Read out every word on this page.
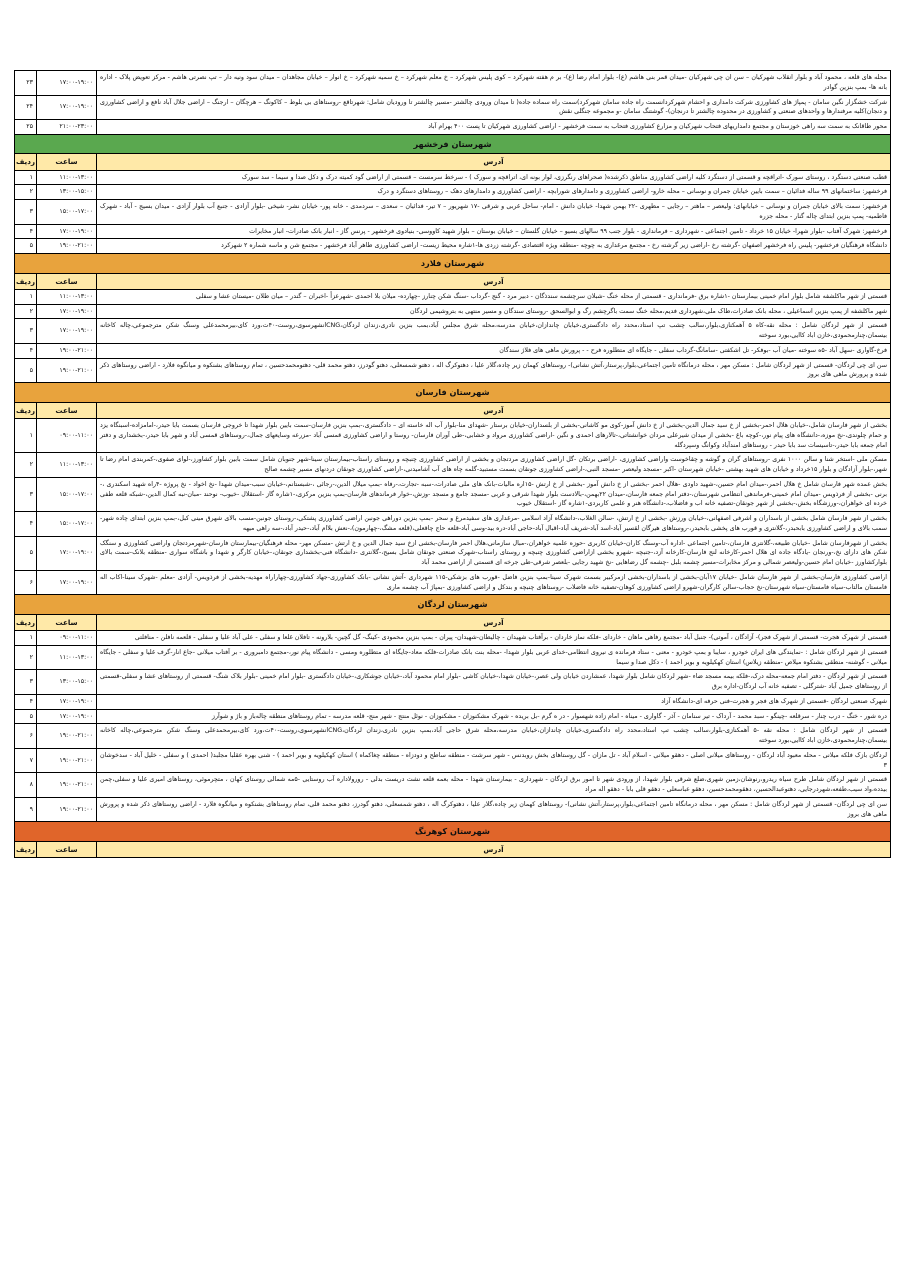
محله های قلعه ، محمود آباد و بلوار انقلاب شهرکیان – سن ان چی شهرکیان -میدان قمر بنی هاشم (ع)- بلوار امام رضا (ع)- بر م هفته شهرکرد – کوی پلیس شهرکرد – خ معلم شهرکرد – خ سمیه شهرکرد – خ انوار – خیابان مجاهدان – میدان سود ونیه دار – تپ نصرتی هاشم - مرکز تعویض پلاک - اداره بانه ها- بمپ بنزین گوادر	۱۷:۰۰-۱۹:۰۰	۲۳
شرکت خشگزار نگین سامان - پمپاژ های کشاورزی شرکت دامداری و احشام شهرکردانسمت راه جاده سامان شهرکرد)سمت راه سماده جاده( تا میدان ورودی چالشتر -مسیر چالشتر تا ورودیان شامل: شهرتاقع -روستاهای بی بلوط – کاکونگ – هرچگان – ارجنگ – اراضی جلال آباد نافع و اراضی کشاورزی و دنجان)کلیه مرفندارها و واحدهای صنعتی و کشاورزی در محدوده چالشتر تا درنجان)- گوشتنگ سامان -و مجموعه جنگلی نقش	۱۷:۰۰-۱۹:۰۰	۲۴
محور طاقانک به سمت سه راهی خوزستان و مجتمع دامداریهای فتحاب شهرکیان و مزارع کشاورزی فتحاب به سمت فرخشهر - اراضی کشاورزی شهرکیان تا پست ۴۰۰ بهرام آباد	۲۱:۰۰-۲۳:۰۰	۲۵
شهرستان فرخشهر		
آدرس	ساعت	ردیف
قطب صنعتی دستگرد ، روستای سورک -اتراقچه و قسمتی از دستگرد کلیه اراضی کشاورزی مناطق ذکرشده( صحراهای رنگرزی، لوار بونه ای، اتراقچه و سورک ) - سرخط سرمست – قسمتی از اراضی گود کمیته درک و دکل صدا و سیما - سد سورک	۱۱:۰۰-۱۳:۰۰	۱
فرخشهر: ساختمانهای ۹۹ ساله فدائیان – سمت بایین خیابان جمران و نوسانی – محله خارو- اراضی کشاورزی و دامدارهای شورابچه - اراضی کشاورزی و دامدارهای دهک – روستاهای دستگرد و درک	۱۳:۰۰-۱۵:۰۰	۲
فرخشهر: سمت بالای خیابان جمران و نوسانی – خیابانهای: ولیعصر – ماهتر – رجایی – مطهری -۲۲ بهمن شهدا- خیابان دانش - امام- ساحل غربی و شرقی -۱۷ شهریور – ۷ تیر- فدائیان – سعدی – سردمدی - خانه پور- خیابان نشر- شیخی -بلوار آزادی - جنبع آب بلوار آزادی - میدان بسیج - آباد - شهرک فاطمیه- پمپ بنزین ابتدای چاله گنار - محله جزره	۱۵:۰۰-۱۷:۰۰	۳
فرخشهر: شهرک آفتاب -بلوار شهرا- خیابان ۱۵ خرداد - تامین اجتماعی - شهرداری – فرمانداری - بلوار جنب ۹۹ سالهای بسیو – خیابان گلستان – خیابان بوستان – بلوار شهید کاووسی- بنیادوی فرخشهر - پرنس گاز - انبار بانک صادرات- انبار مخابرات	۱۷:۰۰-۱۹:۰۰	۴
دانشگاه فرهنگیان فرخشهر- پلیس راه فرخشهر اصفهان -گرشته رخ -اراضی زیر گرشته رخ - مجتمع مرغداری به چوچه -منطقه ویژه اقتصادی -گرشته زردی ها-۱شاره محیط زیست- اراضی کشاورزی طاهر آباد فرخشهر - مجتمع شن و ماسه شماره ۲ شهرکرد	۱۹:۰۰-۲۱:۰۰	۵
شهرستان فلارد		
آدرس	ساعت	ردیف
قسمتی از شهر ماکلشفه شامل بلوار امام خمینی بیمارستان -۱شاره برق -فرمانداری - قسمتی از محله خنگ -شبلان سرچشمه سندذگان - دبیر مرد - گنج -گرداب -سنگ شکن چنارز -چهارده- میلان بلا احمدی -شهرعزاً -اخبران – گندر – میان طلان -میستان عشا و سفلی	۱۱:۰۰-۱۳:۰۰	۱
شهر ماکلشفه از پمپ بنزین اسماعیلی ، محله بانک صادرات،طاک ملی،شهرداری فدیم،محله خنگ سمت باگرچشم رگ و ابوالسحق -روستای سندگان و مسیر منتهی به بتروشیمی لردگان	۱۷:۰۰-۱۹:۰۰	۲
قسمتی از شهر لردگان شامل : محله نقه-کاه ۵ آهمکنازی،بلوار،سالب چشب تپ استاد،محدد راه دادگستری،خیابان چاندازان،خیابان مدرسه،محله شرق مجلس آباد،بمب بنزین نادری،زندان لردگان،CNGانشهرسوی،روست-۴۰ت،ورد کای،بیرمحمدعلی وسنگ شکن مترجموعی،چاله کاخانه بیسمان،چنارمحمودی،خازن اباد کاایی،بورد سوخته	۱۷:۰۰-۱۹:۰۰	۳
فرخ-گاواری -سهل آباد -۵ه سوخته -میان آب -بوفکر- تل اشکفتی -سامانگ-گرداب سفلی - جایگاه ای متطلوره فرح - - پرورش ماهی های فلاژ سندگان	۱۹:۰۰-۲۱:۰۰	۴
سن ای چی لردگان- قسمتی از شهر لردگان شامل : مسکن مهر ، محله درمانگاه تامین اجتماعی،بلوار،پرستار،آتش نشانی)- روستاهای کهمان زیر چاده،گلار علیا ، دهتوکرگ اله ، دهتو شمسعلی، دهتو گودرز، دهتو محمد قلی- دهتومحمدحسین ، تمام روستاهای بشنکوه و میانگوه فلارد - اراضی روستاهای ذکر شده و پرورش ماهی های بروز	۱۹:۰۰-۲۱:۰۰	۵
شهرستان فارسان		
آدرس	ساعت	ردیف
بخشی از شهر فارسان شامل،-خیابان هلال احمر-بخشی از خ سید جمال الدین-بخشی از خ دانش آموز-کوی مو کاشانی-بخشی از بلسداران-خیابان برستار -شهدای منا-بلوار آب اله خاسته ای – دادگستری،-بمپ بنزین فارسان-سمت بایین بلوار شهدا تا خروجی فارسان بسمت بابا حیدر،-امامزاده-اسبنگاه یزد و حمام چلوندی،-نخ موزه،-دانشگاه های پیام نور،-کوچه باغ -بخشی از میدان شیرعلی مردان خوانشتاتی،-تالارهای احمدی و نگین -اراضی کشاورزی مرواد و خشابی،-طی آوران فارسان- روستا و اراضی کشاورزی قمسی آباد -مزرعه وسایعهای جمال،-روستاهای قمسی آباد و شهر بابا حیدر،-بخشداری و دفتر امام جمعه بابا حیدر،-تاسیسات سد بابا حیدر - روستاهای امندآباد وکوانگ وسپردگله	۰۹:۰۰-۱۱:۰۰	۱
مسکن ملی -استخر شنا و سالن ۱۰۰۰ نفری -روستاهای گران و گوشه و چقاخوست واراضی کشاورزی، -اراضی برتکان -گل اراضی کشاورزی مردتجان و بخشی از اراضی کشاورزی چنبچه و روستای راستاب-بیمارستان سینا-شهر جنوبان شامل سمت بابین بلوار کشاورز،-لوای صفوی،-کمربندی امام رضا تا شهر،-بلوار آزادگان و بلوار ۱۵خرداد و خیابان های شهید بهشتی -خیابان شهرستان -اکبر -مسجد ولیعصر -مسجد النبی،-اراضی کشاورزی جونقان بسمت مستبید-گلمه چاه های آب آشامیدنی،-اراضی کشاورزی جونقان دردنهای مسیر چشمه صالح	۱۱:۰۰-۱۳:۰۰	۲
بخش عمده شهر فارسان شامل خ هلال احمر،-میدان امام حسین،-شهید داودی -هلال احمر -بخشی از خ دانش آموز -بخشی از خ ارتش -۱۵اره مالیات-بانک های ملی صادرات،-سبه -تجارت،-رفاه -بمپ میلال الدین،-رجائی ،-شبستانم،-خیابان سبب-میدان شهدا -نخ اخواد - نخ پروژه -۴راه شهید اسکندری ،-برنی -بخشی از فرذویس -میدان امام خمینی-فرماندهی انتظامی شهرستان،-دفتر امام جمعه فارسان،-میدان ۲۲بهمن،-بالادست بلوار شهدا شرقی و غربی -مسجد جامع و مسجد -وزش،-خوار فرماندهای فارسان-بمپ بنزین مرکزی،-۱شاره گاز -استقلال -خیوب- نوحند -مبان-نبه کمال الدین،-شبکه قلعه طفی خرده ای خواهران،-ورزشگاه بخش،-بخشی از شهر جونقان-تصفیه خانه اب و فاضلاب،-دانشگاه هنر و علمی کاربردی-۱شاره گاز -استقلال خیوب	۱۵:۰۰-۱۷:۰۰	۳
بخشی از شهر فارسان شامل بخشی از باسداران و اشرفی اصفهانی،-خیابان ورزش -بخشی از خ ارتش، -سالن الغلاب،-دانشگاه آزاد اسلامی -مرغداری های سفیدمرغ و سحر -بمپ بنزین دوراهی جونبن اراضی کشاورزی پشتکی،-روستای جونبن-مسب بالای شهرق مینی کبل،-بمپ بنزین ابتدای چاده شهر-سمب بالای و اراضی کشاورزی بابحبدر،-گلانتری و قورب های پخشی بابحیدر،-روستاهای هیرگان لقسیر آباد-اسد آباد-شریف آباد-اقبال آباد-حاجی آباد-دره بید-وسی آباد-قلعه حاج چاقعلی،(قلعه مشگ،-چهارمون)،-نعش بلاام آباد،-حیدر آباد،-سه راهی میهه	۱۵:۰۰-۱۷:۰۰	۴
بخشی از شهرفارسان شامل -خیابان طبیعه،-گلانتری فارسان،-تامین اجتماعی -اداره آب-وسنگ کاران-خیابان کاربری -حوزه علمیه خواهران،-مبال سازمانی،هلال احمر فارسان-بخشی ازخ سید جمال الدین و خ ارتش -مسکن مهر- محله فرهنگیان-بیمارستان فارسان-شهرمردتجان واراضی کشاورزی و سنگک شکن های دارای نخ،-ورنجان -یادگاه جاده ای هلال احمر-کارخانه لنج فارسان-کارخانه آزد،-جنبچه -شهرو بخشی ازاراضی کشاورزی چنبچه و روستای راستاب-شهرک صنعتی جونقان شامل بسیح،-گلانتری -دانشگاه فنی-بخشداری جونقان،-خیابان کارگر و شهدا و باشگاه سواری -منطقه بلانک-سمت بالای بلوارکشاورز -خیابان امام حسین-ولیعصر شمالی و مرکز مخابرات-مسیر چشمه بلبل -چشمه گل رضاهایی -نخ شهید رجایی -بلعصر شرقی-طی جرخه ای قسمتی از اراضی محمد آباد	۱۷:۰۰-۱۹:۰۰	۵
اراضی کشاورزی فارسان-بخشی از شهر فارسان شامل -خیابان ۱۷آبان-بخشی از باسداران-بخشی ازمرکبیر بسمت شهرک سینا-بمپ بنزین فاضل -قورب های بزشکی-۱۱۵ شهرداری -آتش نشانی -بانک کشاورزی-جهاد کشاورزی-چهاراراه مهدیه-بخشی از فرذویس- آزادی -معلم -شهرک سینا-اکاب اله فامستان مالتاب-سیاه فامستان-سیاه شهرستان-نخ حجاب-سالن کارگران-شهرو اراضی کشاورزی کوهان-تصفیه خانه فاضلاب -روستاهای چنبچه و بندکل و اراضی کشاورزی -بمپاژ آب چشمه ماری	۱۷:۰۰-۱۹:۰۰	۶
شهرستان لردگان		
آدرس	ساعت	ردیف
قسمتی از شهرک هجرت- قسمتی از شهرک فجر)- آزادگان ، آموتی)- جنبل آباد -مجتمع رفاهی ماهان - خاردای -فلکه نماز خاردان - برآفتاب شهیدان - چالیطان-شهیدان- پیران - بمپ بنزین محمودی -کینگ- گل گچین- بلارونه - تافلان غلعا و سفلی - علی آباد علیا و سفلی - قلعمه نافلن - منافلتی	۰۹:۰۰-۱۱:۰۰	۱
قسمتی از شهر لردگان شامل : -نمایندگی های ایران خودرو ، سایبا و بمپ خودرو - معنی - ستاد فرمانده ی نیروی انتظامی-خدای غربی بلوار شهدا- -محله بنت بانک صادرات-فلکه معاد-جایگاه ای متطلوره ومسی - دانشگاه پیام نور،-مجتمع دامبروری - بر آفتاب میلانی -جاع انار-گرف غلیا و سفلی - جایگاه میلانی - گوشنه- منطقی بشنکوه میلاص -منطقه زیلاس) استان کهکیلویه و بویر احمد ) - دکل صدا و سیما	۱۱:۰۰-۱۳:۰۰	۲
قسمتی از شهر لردگان - دفتر امام جمعه-محله درک،-فلکه بیمه مسجد ضاء -شهر لردکان شامل بلوار شهدا، عمشاردن خیابان ولی عصر،-خیابان شهدا،-خیابان کاشی -بلوار امام محمود آباد،-خیابان جوشکاری،-خیابان دادگستری -بلوار امام خمینی -بلوار بلاک شنگ- قسمتی از روستاهای عشا و سفلی-قسمتی از روستاهای جمیل آباد -شترگلی - تصفیه خانه آب لردگان-اداره برق	۱۳:۰۰-۱۵:۰۰	۳
شهرک صنعتی لردگان -قسمتی از شهرک های فجر و هجرت-فنی حرفه ای-دانشگاه آزاد	۱۷:۰۰-۱۹:۰۰	۴
دره شور - خنگ - درب چنار - سرقلعه -چینگو - سبد محمد - آرداک - تیر سنامان - آذر - گاواری - میناه - امام زاده شهسوار - در ه گرم -بل بریده - شهرک مشکنوزان - مشکنوزان - نوئل منتج - شهر منج- قلعه مدرسه - تمام روستاهای منطقه چاله‌باز و باژ و شوآرز	۱۷:۰۰-۱۹:۰۰	۵
قسمتی از شهر لردگان شامل : محله نقه -۵ آهمکنازی-بلوار،سالب چشب تپ استاد،محدد راه دادگستری،خیابان چاندازان،خیابان مدرسه،محله شرق حاجی آباد،بمپ بنزین نادری،زندان لردگان،CNGانشهرسوی،روست-۴۰ت،ورد کای،بیرمحمدعلی وسنگ شکن مترجموعی،چاله کاخانه بیسمان،چنارمحمودی،خازن اباد کاایی،بورد سوخته	۱۹:۰۰-۲۱:۰۰	۶
لردگان بازک فلکه میلانی - محله معبود آباد لردگان - روستاهای میلانی اصلی - دهقو میلانی - اسلام آباد - تل مازان - گل روستاهای بخش روبدنس - شهر سرشت - منطقه ساطح و دودزاه - منطقه چغاکماه ) استان کهکیلویه و بویر احمد ) - شنی بهره عقلبا مجلبد( احمدی ) و سفلی - خلیل آباد - سدخوشان ۳	۱۹:۰۰-۲۱:۰۰	۷
قسمتی از شهر لردگان شامل طرح سیاه ریدرو،رنوشان،زمین شهری،ضلع شرقی بلوار شهدا، از ورودی شهر تا امور برق لردگان - شهرداری - بیمارستان شهدا - محله بعمه قلعه نشت دریست بدلی - رورولاداره آب روستایی -۵مه شمالی روستای کهان ، متچرموئی، روستاهای امیری غلیا و سفلی،چمن بیدده،واد سیب،طفعه،شهردرجایی، دهتوعبدالحسین، دهقومحمدحسین، دهقو عباسعلی - دهقو قلی بابا - دهقو اله مراد	۱۹:۰۰-۲۱:۰۰	۸
سن ای چی لردگان- قسمتی از شهر لردگان شامل : مسکن مهر ، محله درمانگاه تامین اجتماعی،بلوار،پرستار،آتش نشانی)- روستاهای کهمان زیر چاده،گلار علیا ، دهتوکرگ اله ، دهتو شمسعلی، دهتو گودرز، دهتو محمد قلی، تمام روستاهای بشنکوه و میانگوه فلارد - اراضی روستاهای ذکر شده و پرورش ماهی های بروز	۱۹:۰۰-۲۱:۰۰	۹
شهرستان کوهرنگ		
آدرس	ساعت	ردیف
